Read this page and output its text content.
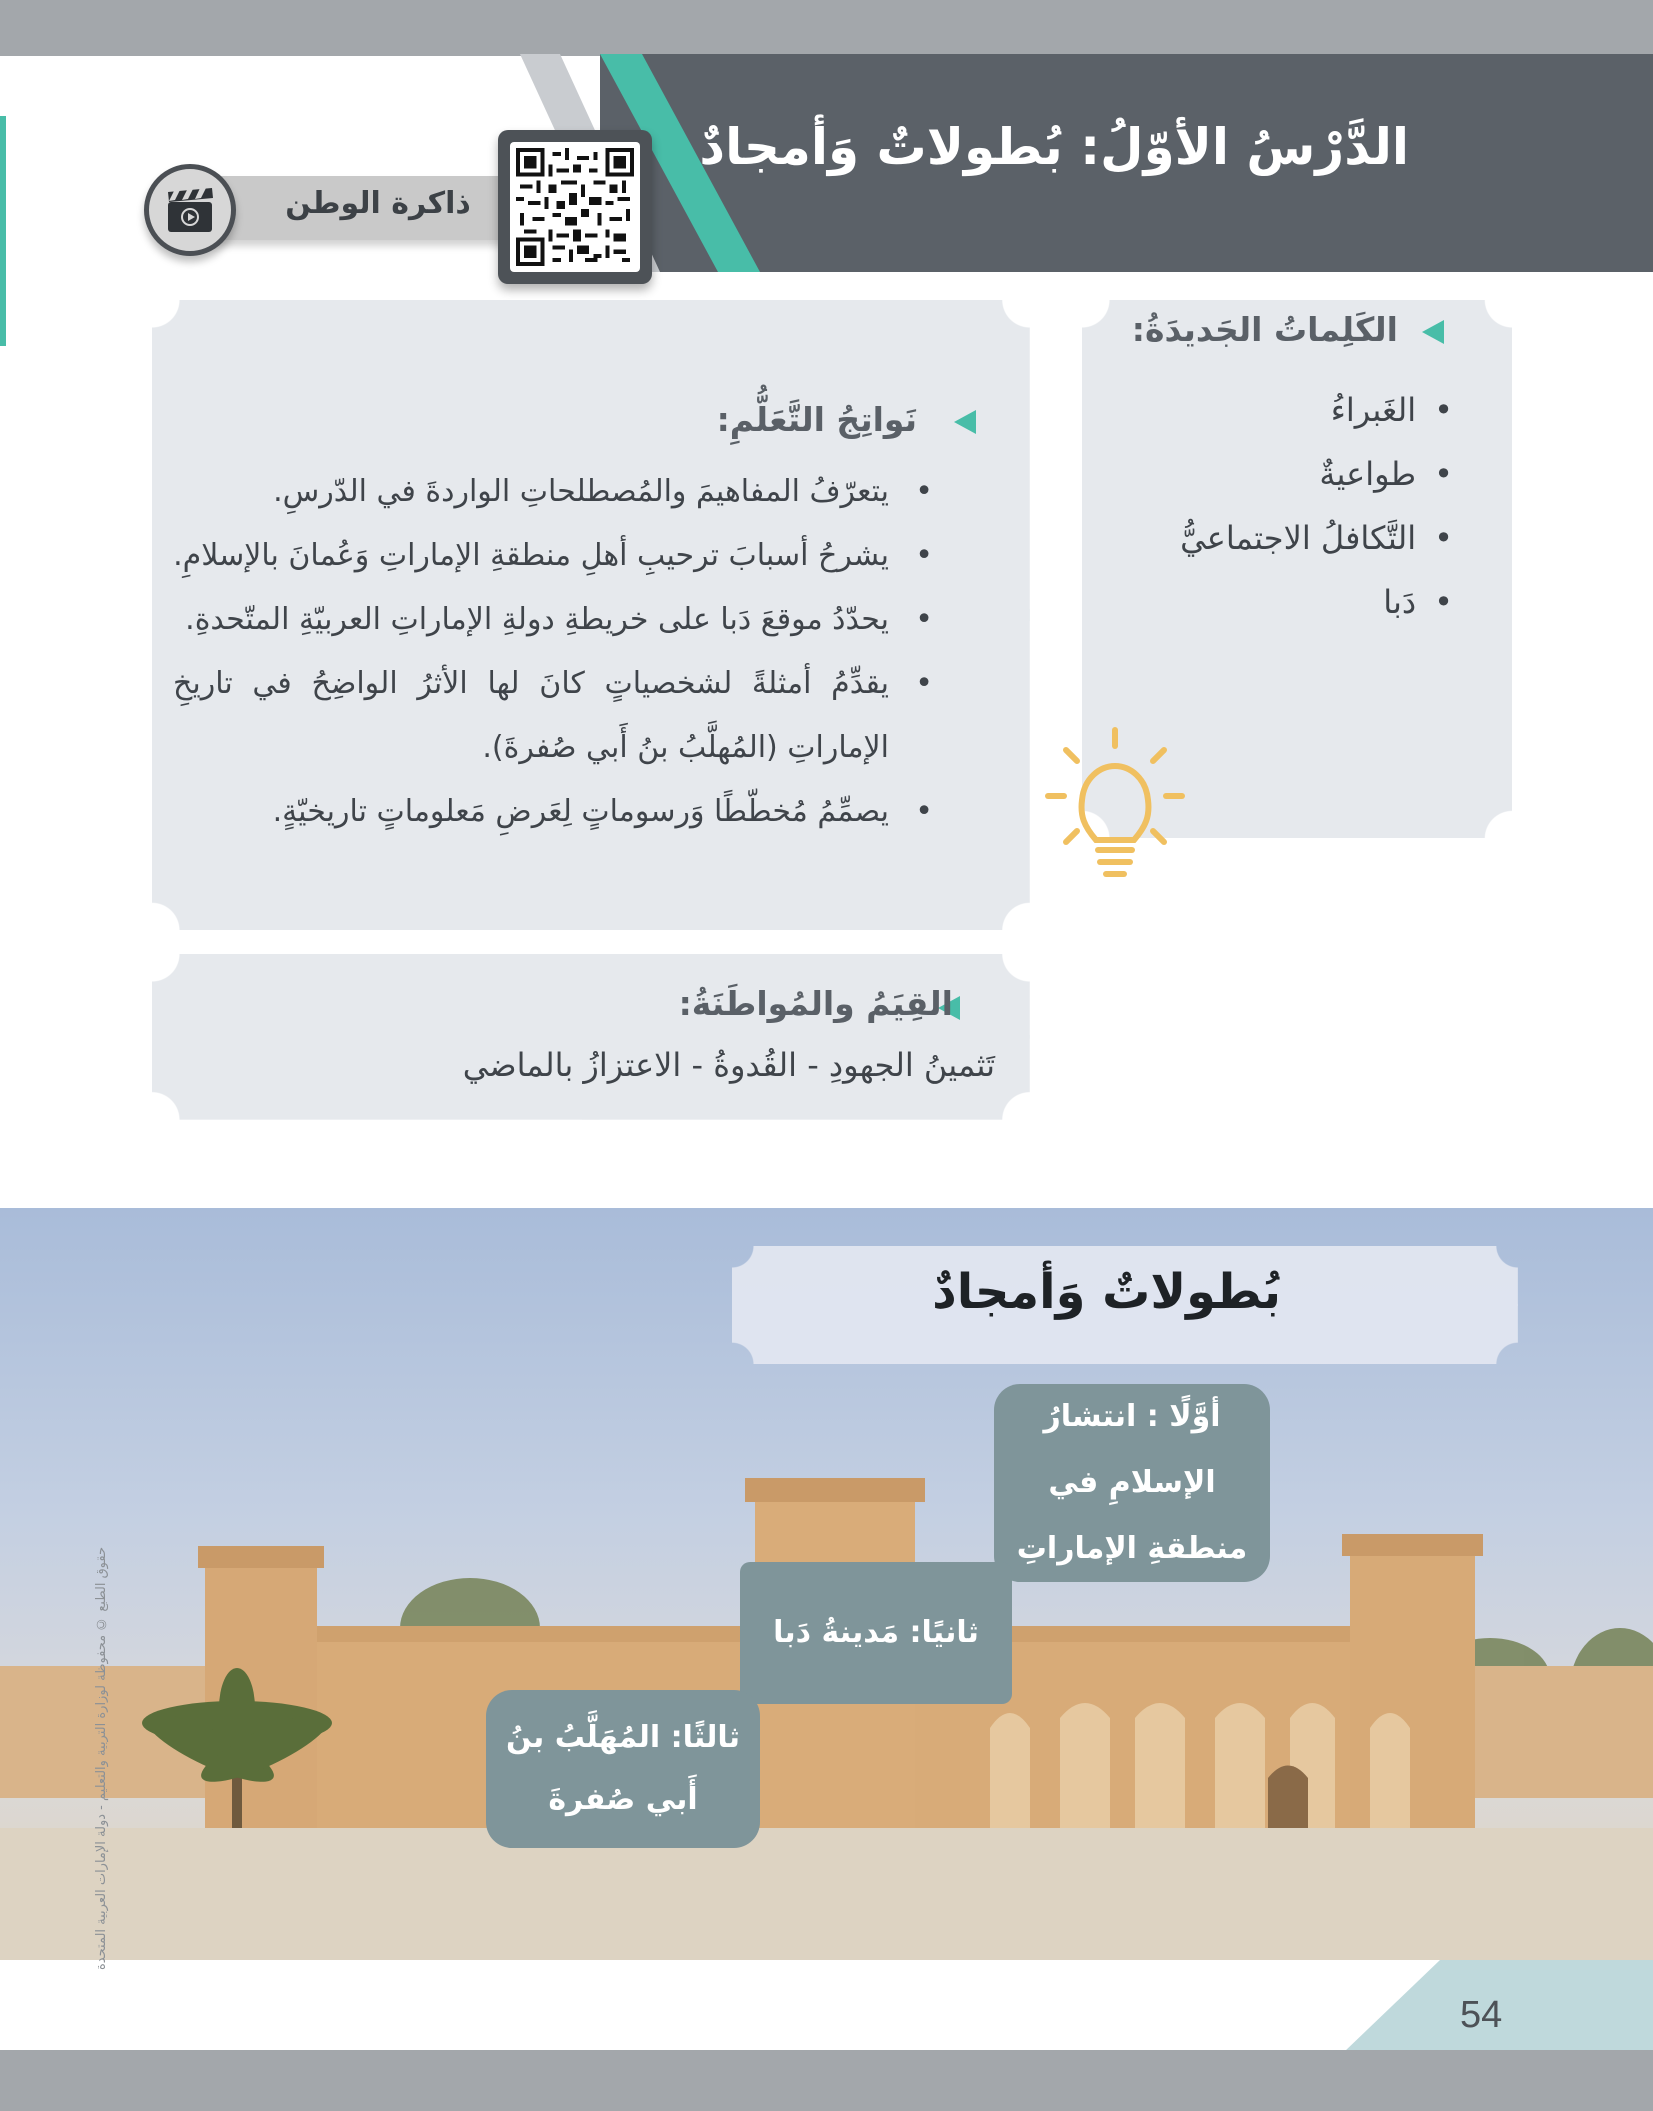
الدَّرْسُ الأوّلُ: بُطولاتٌ وَأمجادٌ
ذاكرة الوطن
الكَلِماتُ الجَديدَةُ:
• الغَبراءُ
• طواعيةٌ
• التَّكافلُ الاجتماعيُّ
• دَبا
نَواتِجُ التَّعَلُّمِ:
• يتعرّفُ المفاهيمَ والمُصطلحاتِ الواردةَ في الدّرسِ.
• يشرحُ أسبابَ ترحيبِ أهلِ منطقةِ الإماراتِ وَعُمانَ بالإسلامِ.
• يحدّدُ موقعَ دَبا على خريطةِ دولةِ الإماراتِ العربيّةِ المتّحدةِ.
• يقدِّمُ أمثلةً لشخصياتٍ كانَ لها الأثرُ الواضِحُ في تاريخِ الإماراتِ (المُهلَّبُ بنُ أَبي صُفرةَ).
• يصمِّمُ مُخطّطًا وَرسوماتٍ لِعَرضِ مَعلوماتٍ تاريخيّةٍ.
القِيَمُ والمُواطَنَةُ:
تَثمينُ الجهودِ - القُدوةُ - الاعتزازُ بالماضي
بُطولاتٌ وَأمجادٌ
أوَّلًا : انتشارُ الإسلامِ في منطقةِ الإماراتِ
ثانيًا: مَدينةُ دَبا
ثالثًا: المُهَلَّبُ بنُ أَبي صُفرةَ
حقوق الطبع © محفوظة لوزارة التربية والتعليم - دولة الإمارات العربية المتحدة
54
